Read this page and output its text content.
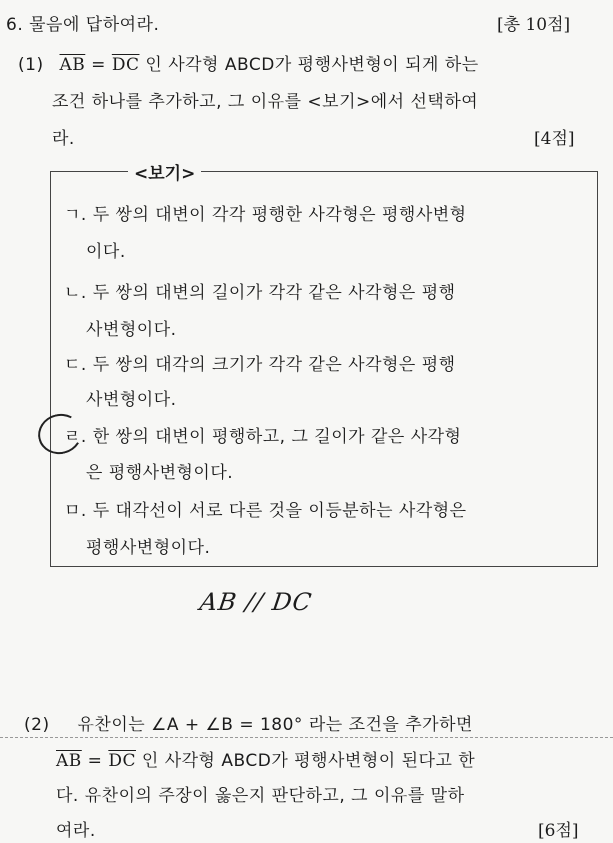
6. 물음에 답하여라.	[총 10점]
(1) $\overline{AB} = \overline{DC}$ 인 사각형 ABCD가 평행사변형이 되게 하는
조건 하나를 추가하고, 그 이유를 <보기>에서 선택하여
라.	[4점]
<보기>
ㄱ. 두 쌍의 대변이 각각 평행한 사각형은 평행사변형
이다.
ㄴ. 두 쌍의 대변의 길이가 각각 같은 사각형은 평행
사변형이다.
ㄷ. 두 쌍의 대각의 크기가 각각 같은 사각형은 평행
사변형이다.
ㄹ. 한 쌍의 대변이 평행하고, 그 길이가 같은 사각형
은 평행사변형이다.
ㅁ. 두 대각선이 서로 다른 것을 이등분하는 사각형은
평행사변형이다.
AB // DC
(2) 유찬이는 ∠A + ∠B = 180° 라는 조건을 추가하면
$\overline{AB} = \overline{DC}$ 인 사각형 ABCD가 평행사변형이 된다고 한
다. 유찬이의 주장이 옳은지 판단하고, 그 이유를 말하
여라.	[6점]
